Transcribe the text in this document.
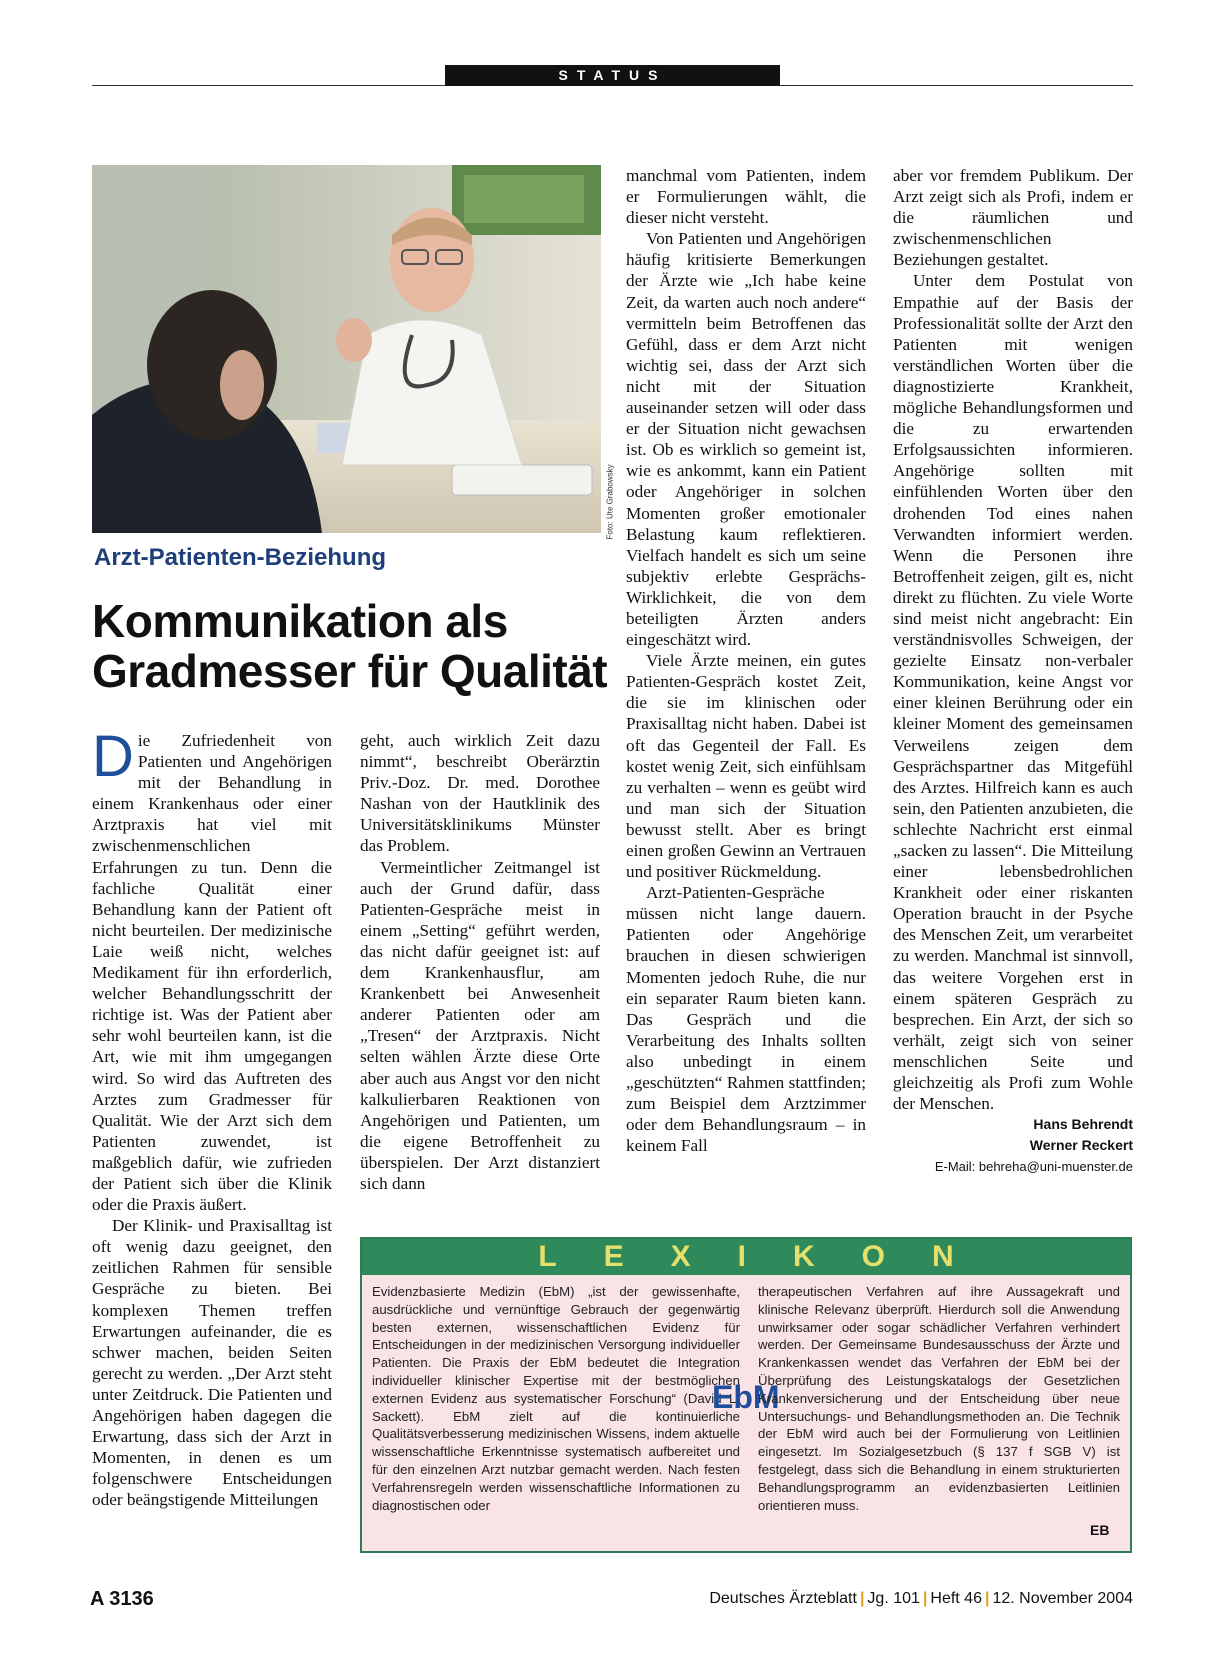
STATUS
Foto: Ute Grabowsky
Arzt-Patienten-Beziehung
Kommunikation als
Gradmesser für Qualität

Die Zufriedenheit von Patienten und Angehörigen mit der Behandlung in einem Krankenhaus oder einer Arztpraxis hat viel mit zwischenmenschlichen Erfahrungen zu tun. Denn die fachliche Qualität einer Behandlung kann der Patient oft nicht beurteilen. Der medizinische Laie weiß nicht, welches Medikament für ihn erforderlich, welcher Behandlungsschritt der richtige ist. Was der Patient aber sehr wohl beurteilen kann, ist die Art, wie mit ihm umgegangen wird. So wird das Auftreten des Arztes zum Gradmesser für Qualität. Wie der Arzt sich dem Patienten zuwendet, ist maßgeblich dafür, wie zufrieden der Patient sich über die Klinik oder die Praxis äußert.

Der Klinik- und Praxisalltag ist oft wenig dazu geeignet, den zeitlichen Rahmen für sensible Gespräche zu bieten. Bei komplexen Themen treffen Erwartungen aufeinander, die es schwer machen, beiden Seiten gerecht zu werden. „Der Arzt steht unter Zeitdruck. Die Patienten und Angehörigen haben dagegen die Erwartung, dass sich der Arzt in Momenten, in denen es um folgenschwere Entscheidungen oder beängstigende Mitteilungen

geht, auch wirklich Zeit dazu nimmt“, beschreibt Oberärztin Priv.-Doz. Dr. med. Dorothee Nashan von der Hautklinik des Universitätsklinikums Münster das Problem.

Vermeintlicher Zeitmangel ist auch der Grund dafür, dass Patienten-Gespräche meist in einem „Setting“ geführt werden, das nicht dafür geeignet ist: auf dem Krankenhausflur, am Krankenbett bei Anwesenheit anderer Patienten oder am „Tresen“ der Arztpraxis. Nicht selten wählen Ärzte diese Orte aber auch aus Angst vor den nicht kalkulierbaren Reaktionen von Angehörigen und Patienten, um die eigene Betroffenheit zu überspielen. Der Arzt distanziert sich dann

manchmal vom Patienten, indem er Formulierungen wählt, die dieser nicht versteht.

Von Patienten und Angehörigen häufig kritisierte Bemerkungen der Ärzte wie „Ich habe keine Zeit, da warten auch noch andere“ vermitteln beim Betroffenen das Gefühl, dass er dem Arzt nicht wichtig sei, dass der Arzt sich nicht mit der Situation auseinander setzen will oder dass er der Situation nicht gewachsen ist. Ob es wirklich so gemeint ist, wie es ankommt, kann ein Patient oder Angehöriger in solchen Momenten großer emotionaler Belastung kaum reflektieren. Vielfach handelt es sich um seine subjektiv erlebte Gesprächs-Wirklichkeit, die von dem beteiligten Ärzten anders eingeschätzt wird.

Viele Ärzte meinen, ein gutes Patienten-Gespräch kostet Zeit, die sie im klinischen oder Praxisalltag nicht haben. Dabei ist oft das Gegenteil der Fall. Es kostet wenig Zeit, sich einfühlsam zu verhalten – wenn es geübt wird und man sich der Situation bewusst stellt. Aber es bringt einen großen Gewinn an Vertrauen und positiver Rückmeldung.

Arzt-Patienten-Gespräche müssen nicht lange dauern. Patienten oder Angehörige brauchen in diesen schwierigen Momenten jedoch Ruhe, die nur ein separater Raum bieten kann. Das Gespräch und die Verarbeitung des Inhalts sollten also unbedingt in einem „geschützten“ Rahmen stattfinden; zum Beispiel dem Arztzimmer oder dem Behandlungsraum – in keinem Fall

aber vor fremdem Publikum. Der Arzt zeigt sich als Profi, indem er die räumlichen und zwischenmenschlichen Beziehungen gestaltet.

Unter dem Postulat von Empathie auf der Basis der Professionalität sollte der Arzt den Patienten mit wenigen verständlichen Worten über die diagnostizierte Krankheit, mögliche Behandlungsformen und die zu erwartenden Erfolgsaussichten informieren. Angehörige sollten mit einfühlenden Worten über den drohenden Tod eines nahen Verwandten informiert werden. Wenn die Personen ihre Betroffenheit zeigen, gilt es, nicht direkt zu flüchten. Zu viele Worte sind meist nicht angebracht: Ein verständnisvolles Schweigen, der gezielte Einsatz non-verbaler Kommunikation, keine Angst vor einer kleinen Berührung oder ein kleiner Moment des gemeinsamen Verweilens zeigen dem Gesprächspartner das Mitgefühl des Arztes. Hilfreich kann es auch sein, den Patienten anzubieten, die schlechte Nachricht erst einmal „sacken zu lassen“. Die Mitteilung einer lebensbedrohlichen Krankheit oder einer riskanten Operation braucht in der Psyche des Menschen Zeit, um verarbeitet zu werden. Manchmal ist sinnvoll, das weitere Vorgehen erst in einem späteren Gespräch zu besprechen. Ein Arzt, der sich so verhält, zeigt sich von seiner menschlichen Seite und gleichzeitig als Profi zum Wohle der Menschen.

Hans Behrendt
Werner Reckert
E-Mail: behreha@uni-muenster.de
LEXIKON
Evidenzbasierte Medizin (EbM) „ist der gewissenhafte, ausdrückliche und vernünftige Gebrauch der gegenwärtig besten externen, wissenschaftlichen Evidenz für Entscheidungen in der medizinischen Versorgung individueller Patienten. Die Praxis der EbM bedeutet die Integration individueller klinischer Expertise mit der bestmöglichen externen Evidenz aus systematischer Forschung“ (David L. Sackett). EbM zielt auf die kontinuierliche Qualitätsverbesserung medizinischen Wissens, indem aktuelle wissenschaftliche Erkenntnisse systematisch aufbereitet und für den einzelnen Arzt nutzbar gemacht werden. Nach festen Verfahrensregeln werden wissenschaftliche Informationen zu diagnostischen oder
EbM
therapeutischen Verfahren auf ihre Aussagekraft und klinische Relevanz überprüft. Hierdurch soll die Anwendung unwirksamer oder sogar schädlicher Verfahren verhindert werden. Der Gemeinsame Bundesausschuss der Ärzte und Krankenkassen wendet das Verfahren der EbM bei der Überprüfung des Leistungskatalogs der Gesetzlichen Krankenversicherung und der Entscheidung über neue Untersuchungs- und Behandlungsmethoden an. Die Technik der EbM wird auch bei der Formulierung von Leitlinien eingesetzt. Im Sozialgesetzbuch (§ 137 f SGB V) ist festgelegt, dass sich die Behandlung in einem strukturierten Behandlungsprogramm an evidenzbasierten Leitlinien orientieren muss.
EB
A 3136	Deutsches Ärzteblatt | Jg. 101 | Heft 46 | 12. November 2004
